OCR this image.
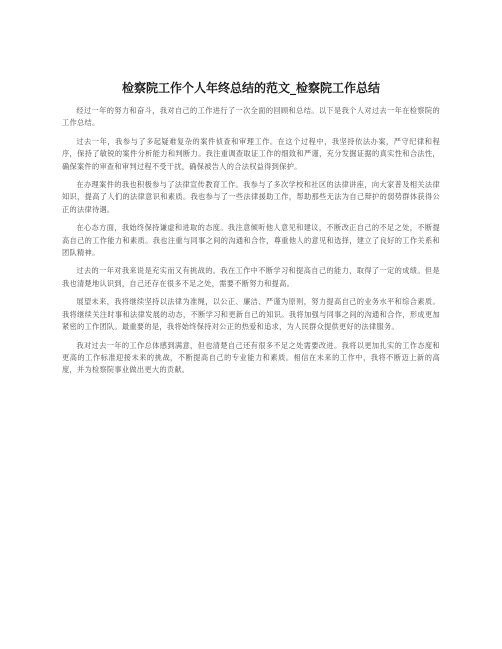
检察院工作个人年终总结的范文_检察院工作总结

经过一年的努力和奋斗，我对自己的工作进行了一次全面的回顾和总结。以下是我个人对过去一年在检察院的工作总结。

过去一年，我参与了多起疑难复杂的案件侦查和审理工作。在这个过程中，我坚持依法办案，严守纪律和程序，保持了敏锐的案件分析能力和判断力。我注重调查取证工作的细致和严谨，充分发掘证据的真实性和合法性，确保案件的审查和审判过程不受干扰，确保被告人的合法权益得到保护。

在办理案件的我也积极参与了法律宣传教育工作。我参与了多次学校和社区的法律讲座，向大家普及相关法律知识，提高了人们的法律意识和素质。我也参与了一些法律援助工作，帮助那些无法为自己辩护的弱势群体获得公正的法律待遇。

在心态方面，我始终保持谦虚和进取的态度。我注意倾听他人意见和建议，不断改正自己的不足之处，不断提高自己的工作能力和素质。我也注重与同事之间的沟通和合作，尊重他人的意见和选择，建立了良好的工作关系和团队精神。

过去的一年对我来说是充实而又有挑战的。我在工作中不断学习和提高自己的能力，取得了一定的成绩。但是我也清楚地认识到，自己还存在很多不足之处，需要不断努力和提高。

展望未来，我将继续坚持以法律为准绳，以公正、廉洁、严谨为原则，努力提高自己的业务水平和综合素质。我将继续关注时事和法律发展的动态，不断学习和更新自己的知识。我将加强与同事之间的沟通和合作，形成更加紧密的工作团队。最重要的是，我将始终保持对公正的热爱和追求，为人民群众提供更好的法律服务。

我对过去一年的工作总体感到满意，但也清楚自己还有很多不足之处需要改进。我将以更加扎实的工作态度和更高的工作标准迎接未来的挑战，不断提高自己的专业能力和素质。相信在未来的工作中，我将不断迈上新的高度，并为检察院事业做出更大的贡献。
